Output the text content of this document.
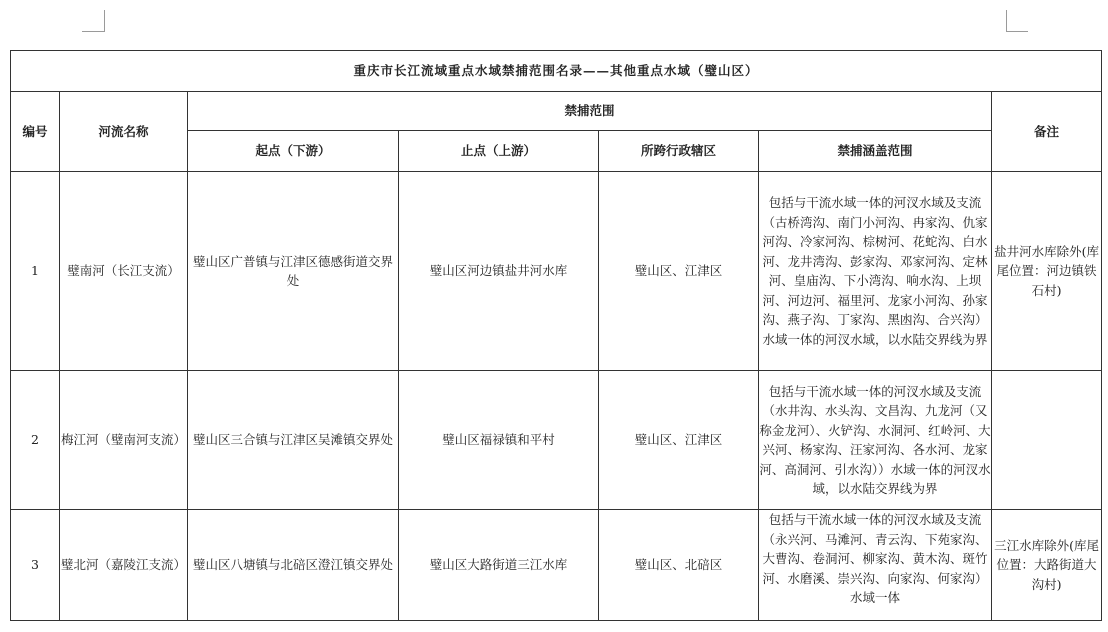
重庆市长江流域重点水域禁捕范围名录——其他重点水域（璧山区）						
编号	河流名称	禁捕范围				备注
		起点（下游）	止点（上游）	所跨行政辖区	禁捕涵盖范围	
1	璧南河（长江支流）	璧山区广普镇与江津区德感街道交界处	璧山区河边镇盐井河水库	璧山区、江津区	包括与干流水域一体的河汊水域及支流（古桥湾沟、南门小河沟、冉家沟、仇家河沟、冷家河沟、棕树河、花蛇沟、白水河、龙井湾沟、彭家沟、邓家河沟、定林河、皇庙沟、下小湾沟、响水沟、上坝河、河边河、福里河、龙家小河沟、孙家沟、燕子沟、丁家沟、黑凼沟、合兴沟）水域一体的河汊水域，以水陆交界线为界	盐井河水库除外(库尾位置：河边镇铁石村)
2	梅江河（璧南河支流）	璧山区三合镇与江津区吴滩镇交界处	璧山区福禄镇和平村	璧山区、江津区	包括与干流水域一体的河汊水域及支流（水井沟、水头沟、文昌沟、九龙河（又称金龙河）、火铲沟、水洞河、红岭河、大兴河、杨家沟、汪家河沟、各水河、龙家河、高洞河、引水沟））水域一体的河汊水域，以水陆交界线为界	
3	璧北河（嘉陵江支流）	璧山区八塘镇与北碚区澄江镇交界处	璧山区大路街道三江水库	璧山区、北碚区	包括与干流水域一体的河汊水域及支流（永兴河、马滩河、青云沟、下苑家沟、大曹沟、卷洞河、柳家沟、黄木沟、斑竹河、水磨溪、崇兴沟、向家沟、何家沟）水域一体	三江水库除外(库尾位置：大路街道大沟村)
